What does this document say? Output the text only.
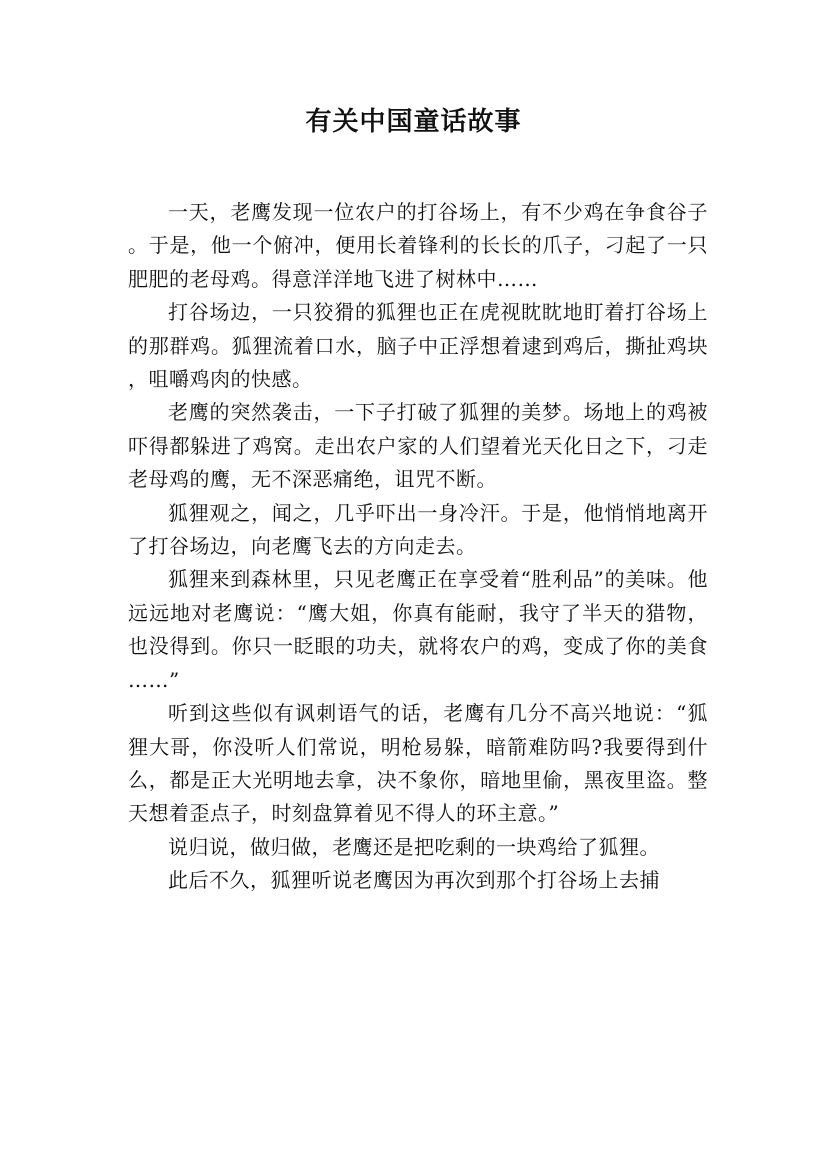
有关中国童话故事

一天，老鹰发现一位农户的打谷场上，有不少鸡在争食谷子。于是，他一个俯冲，便用长着锋利的长长的爪子，刁起了一只肥肥的老母鸡。得意洋洋地飞进了树林中……

打谷场边，一只狡猾的狐狸也正在虎视眈眈地盯着打谷场上的那群鸡。狐狸流着口水，脑子中正浮想着逮到鸡后，撕扯鸡块，咀嚼鸡肉的快感。

老鹰的突然袭击，一下子打破了狐狸的美梦。场地上的鸡被吓得都躲进了鸡窝。走出农户家的人们望着光天化日之下，刁走老母鸡的鹰，无不深恶痛绝，诅咒不断。

狐狸观之，闻之，几乎吓出一身冷汗。于是，他悄悄地离开了打谷场边，向老鹰飞去的方向走去。

狐狸来到森林里，只见老鹰正在享受着“胜利品”的美味。他远远地对老鹰说：“鹰大姐，你真有能耐，我守了半天的猎物，也没得到。你只一眨眼的功夫，就将农户的鸡，变成了你的美食……”

听到这些似有讽刺语气的话，老鹰有几分不高兴地说：“狐狸大哥，你没听人们常说，明枪易躲，暗箭难防吗?我要得到什么，都是正大光明地去拿，决不象你，暗地里偷，黑夜里盗。整天想着歪点子，时刻盘算着见不得人的环主意。”

说归说，做归做，老鹰还是把吃剩的一块鸡给了狐狸。

此后不久，狐狸听说老鹰因为再次到那个打谷场上去捕
